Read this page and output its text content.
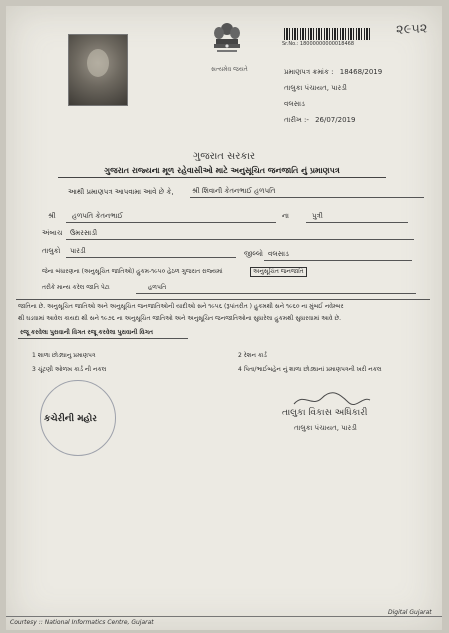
સત્યમેવ જયતે
Sr.No.: 18000000000018468
૨૯૫૨
પ્રમાણપત્ર ક્રમાંક : 18468/2019
તાલુકા પંચાયત, પારડી
વલસાડ
તારીખ :- 26/07/2019
ગુજરાત સરકાર
ગુજરાત રાજ્યના મૂળ રહેવાસીઓ માટે અનુસૂચિત જનજાતિ નું પ્રમાણપત્ર
આથી પ્રમાણપત્ર આપવામા આવે છે કે,	શ્રી શિવાની કેતનભાઈ હળપતિ
શ્રી હળપતિ કેતનભાઈ	ના	પુત્રી
અંબાચ ઉમરસાડી
તાલુકો પારડી	જીલ્લો વલસાડ
જેના બંધારણના (અનુસૂચિત જાતિઓ) હુકમ-૧૯૫૦ હેઠળ ગુજરાત રાજ્યમાં	અનુસૂચિત જનજાતિ
તરીકે માન્ય કરેલ જાતિ પેટા	હળપતિ
જાતિના છે. અનુસૂચિત જાતિઓ અને અનુસૂચિત જનજાતિઓની યાદીઓ સને ૧૯૫૬ (રૂપાંતરીત ) હુકમથી સને ૧૯૬૦ ના મુંબઈ નવેમ્બર
થી ઘડવામાં આવેલ કાયદા થી સને ૧૯૭૬ ના અનુસૂચિત જાતિઓ અને અનુસૂચિત જનજાતિઓના સુધારેલા હુકમથી સુધારવામાં આવે છે.
રજૂ કરવેલા પુરાવાની વિગત રજૂ કરવેલા પુરાવાની વિગત
1 શાળા છોડ્યાનુ પ્રમાણપત્ર	2 રેશન કાર્ડ
3 ચૂંટણી ઓળખ કાર્ડ ની નકલ	4 પિતા/ભાઈબહેન નું શાળા છોડ્યાનાં પ્રમાણપત્રની ખરી નકલ
કચેરીની મહોર
તાલુકા વિકાસ અધિકારી
તાલુકા પંચાયત, પારડી
Courtesy :: National Informatics Centre, Gujarat
Digital Gujarat
